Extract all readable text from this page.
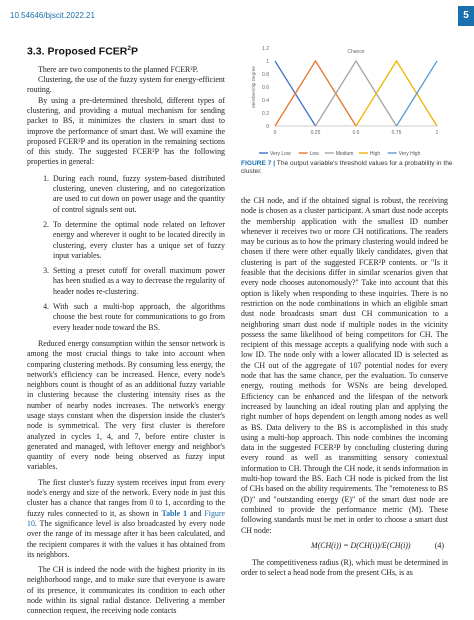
10.54646/bjscit.2022.21	5
3.3. Proposed FCER$^2$P

There are two components to the planned FCER²P.

Clustering, the use of the fuzzy system for energy-efficient routing.

By using a pre-determined threshold, different types of clustering, and providing a mutual mechanism for sending packet to BS, it minimizes the clusters in smart dust to improve the performance of smart dust. We will examine the proposed FCER²P and its operation in the remaining sections of this study. The suggested FCER²P has the following properties in general:

1. During each round, fuzzy system-based distributed clustering, uneven clustering, and no categorization are used to cut down on power usage and the quantity of control signals sent out.
2. To determine the optimal node related on leftover energy and wherever it ought to be located directly in clustering, every cluster has a unique set of fuzzy input variables.
3. Setting a preset cutoff for overall maximum power has been studied as a way to decrease the regularity of header nodes re-clustering.
4. With such a multi-hop approach, the algorithms choose the best route for communications to go from every header node toward the BS.

Reduced energy consumption within the sensor network is among the most crucial things to take into account when comparing clustering methods. By consuming less energy, the network's efficiency can be increased. Hence, every node's neighbors count is thought of as an additional fuzzy variable in clustering because the clustering intensity rises as the number of nearby nodes increases. The network's energy usage stays constant when the dispersion inside the cluster's node is symmetrical. The very first cluster is therefore analyzed in cycles 1, 4, and 7, before entire cluster is generated and managed, with leftover energy and neighbor's quantity of every node being observed as fuzzy input variables.

The first cluster's fuzzy system receives input from every node's energy and size of the network. Every node in just this cluster has a chance that ranges from 0 to 1, according to the fuzzy rules connected to it, as shown in Table 1 and Figure 10. The significance level is also broadcasted by every node over the range of its message after it has been calculated, and the recipient compares it with the values it has obtained from its neighbors.

The CH is indeed the node with the highest priority in its neighborhood range, and to make sure that everyone is aware of its presence, it communicates its condition to each other node within its signal radial distance. Delivering a member connection request, the receiving node contacts

0
0.2
0.4
0.6
0.8
1
1.2
0	0.25	0.5	0.75	1
Chance
Membership Degree
Very Low	Low	Medium	High	Very High
FIGURE 7 | The output variable's threshold values for a probability in the cluster.

the CH node, and if the obtained signal is robust, the receiving node is chosen as a cluster participant. A smart dust node accepts the membership application with the smallest ID number whenever it receives two or more CH notifications. The readers may be curious as to how the primary clustering would indeed be chosen if there were other equally likely candidates, given that clustering is part of the suggested FCER²P contents. or "Is it feasible that the decisions differ in similar scenarios given that every node chooses autonomously?" Take into account that this option is likely when responding to these inquiries. There is no restriction on the node combinations in which an eligible smart dust node broadcasts smart dust CH communication to a neighboring smart dust node if multiple nodes in the vicinity possess the same likelihood of being competitors for CH. The recipient of this message accepts a qualifying node with such a low ID. The node only with a lower allocated ID is selected as the CH out of the aggregate of 107 potential nodes for every node that has the same chance, per the evaluation. To conserve energy, routing methods for WSNs are being developed. Efficiency can be enhanced and the lifespan of the network increased by launching an ideal routing plan and applying the right number of hops dependent on length among nodes as well as BS. Data delivery to the BS is accomplished in this study using a multi-hop approach. This node combines the incoming data in the suggested FCER²P by concluding clustering during every round as well as transmitting sensory contextual information to CH. Through the CH node, it sends information in multi-hop toward the BS. Each CH node is picked from the list of CHs based on the ability requirements. The "remoteness to BS (D)" and "outstanding energy (E)" of the smart dust node are combined to provide the performance metric (M). These following standards must be met in order to choose a smart dust CH node:

M(CH(i)) = D(CH(i))/E(CH(i))	(4)

The competitiveness radius (R), which must be determined in order to select a head node from the present CHs, is as
